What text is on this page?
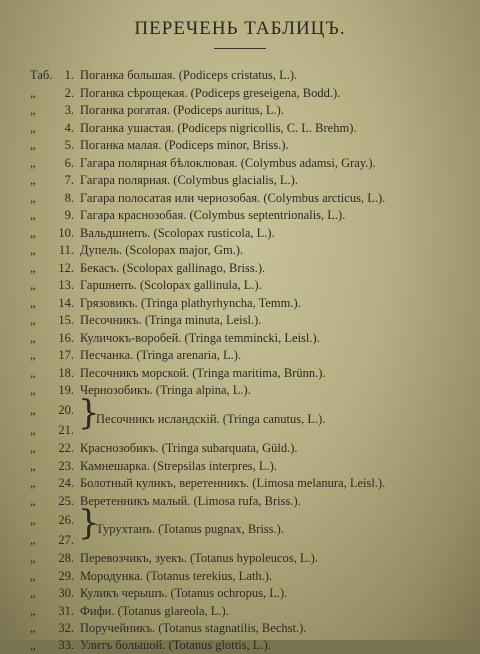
ПЕРЕЧЕНЬ ТАБЛИЦЪ.
Таб. 1. Поганка большая. (Podiceps cristatus, L.).
„	2. Поганка сѣрощекая. (Podiceps greseigena, Bodd.).
„	3. Поганка рогатая. (Podiceps auritus, L.).
„	4. Поганка ушастая. (Podiceps nigricollis, C. L. Brehm).
„	5. Поганка малая. (Podiceps minor, Briss.).
„	6. Гагара полярная бѣлоклювая. (Colymbus adamsi, Gray.).
„	7. Гагара полярная. (Colymbus glacialis, L.).
„	8. Гагара полосатая или чернозобая. (Colymbus arcticus, L.).
„	9. Гагара краснозобая. (Colymbus septentrionalis, L.).
„	10. Вальдшнепъ. (Scolopax rusticola, L.).
„	11. Дупель. (Scolopax major, Gm.).
„	12. Бекасъ. (Scolopax gallinago, Briss.).
„	13. Гаршнепъ. (Scolopax gallinula, L.).
„	14. Грязовикъ. (Tringa plathyrhyncha, Temm.).
„	15. Песочникъ. (Tringa minuta, Leisl.).
„	16. Куличокъ-воробей. (Tringa temmincki, Leisl.).
„	17. Песчанка. (Tringa arenaria, L.).
„	18. Песочникъ морской. (Tringa maritima, Brünn.).
„	19. Чернозобикъ. (Tringa alpina, L.).
„	20.
„	21. }
Песочникъ исландскій. (Tringa canutus, L.).
„	22. Краснозобикъ. (Tringa subarquata, Güld.).
„	23. Камнешарка. (Strepsilas interpres, L.).
„	24. Болотный куликъ, веретенникъ. (Limosa melanura, Leisl.).
„	25. Веретенникъ малый. (Limosa rufa, Briss.).
„	26.
„	27. }
Турухтанъ. (Totanus pugnax, Briss.).
„	28. Перевозчикъ, зуекъ. (Totanus hypoleucos, L.).
„	29. Мородунка. (Totanus terekius, Lath.).
„	30. Куликъ черышъ. (Totanus ochropus, L.).
„	31. Фифи. (Totanus glareola, L.).
„	32. Поручейникъ. (Totanus stagnatilis, Bechst.).
„	33. Улитъ большой. (Totanus glottis, L.).
